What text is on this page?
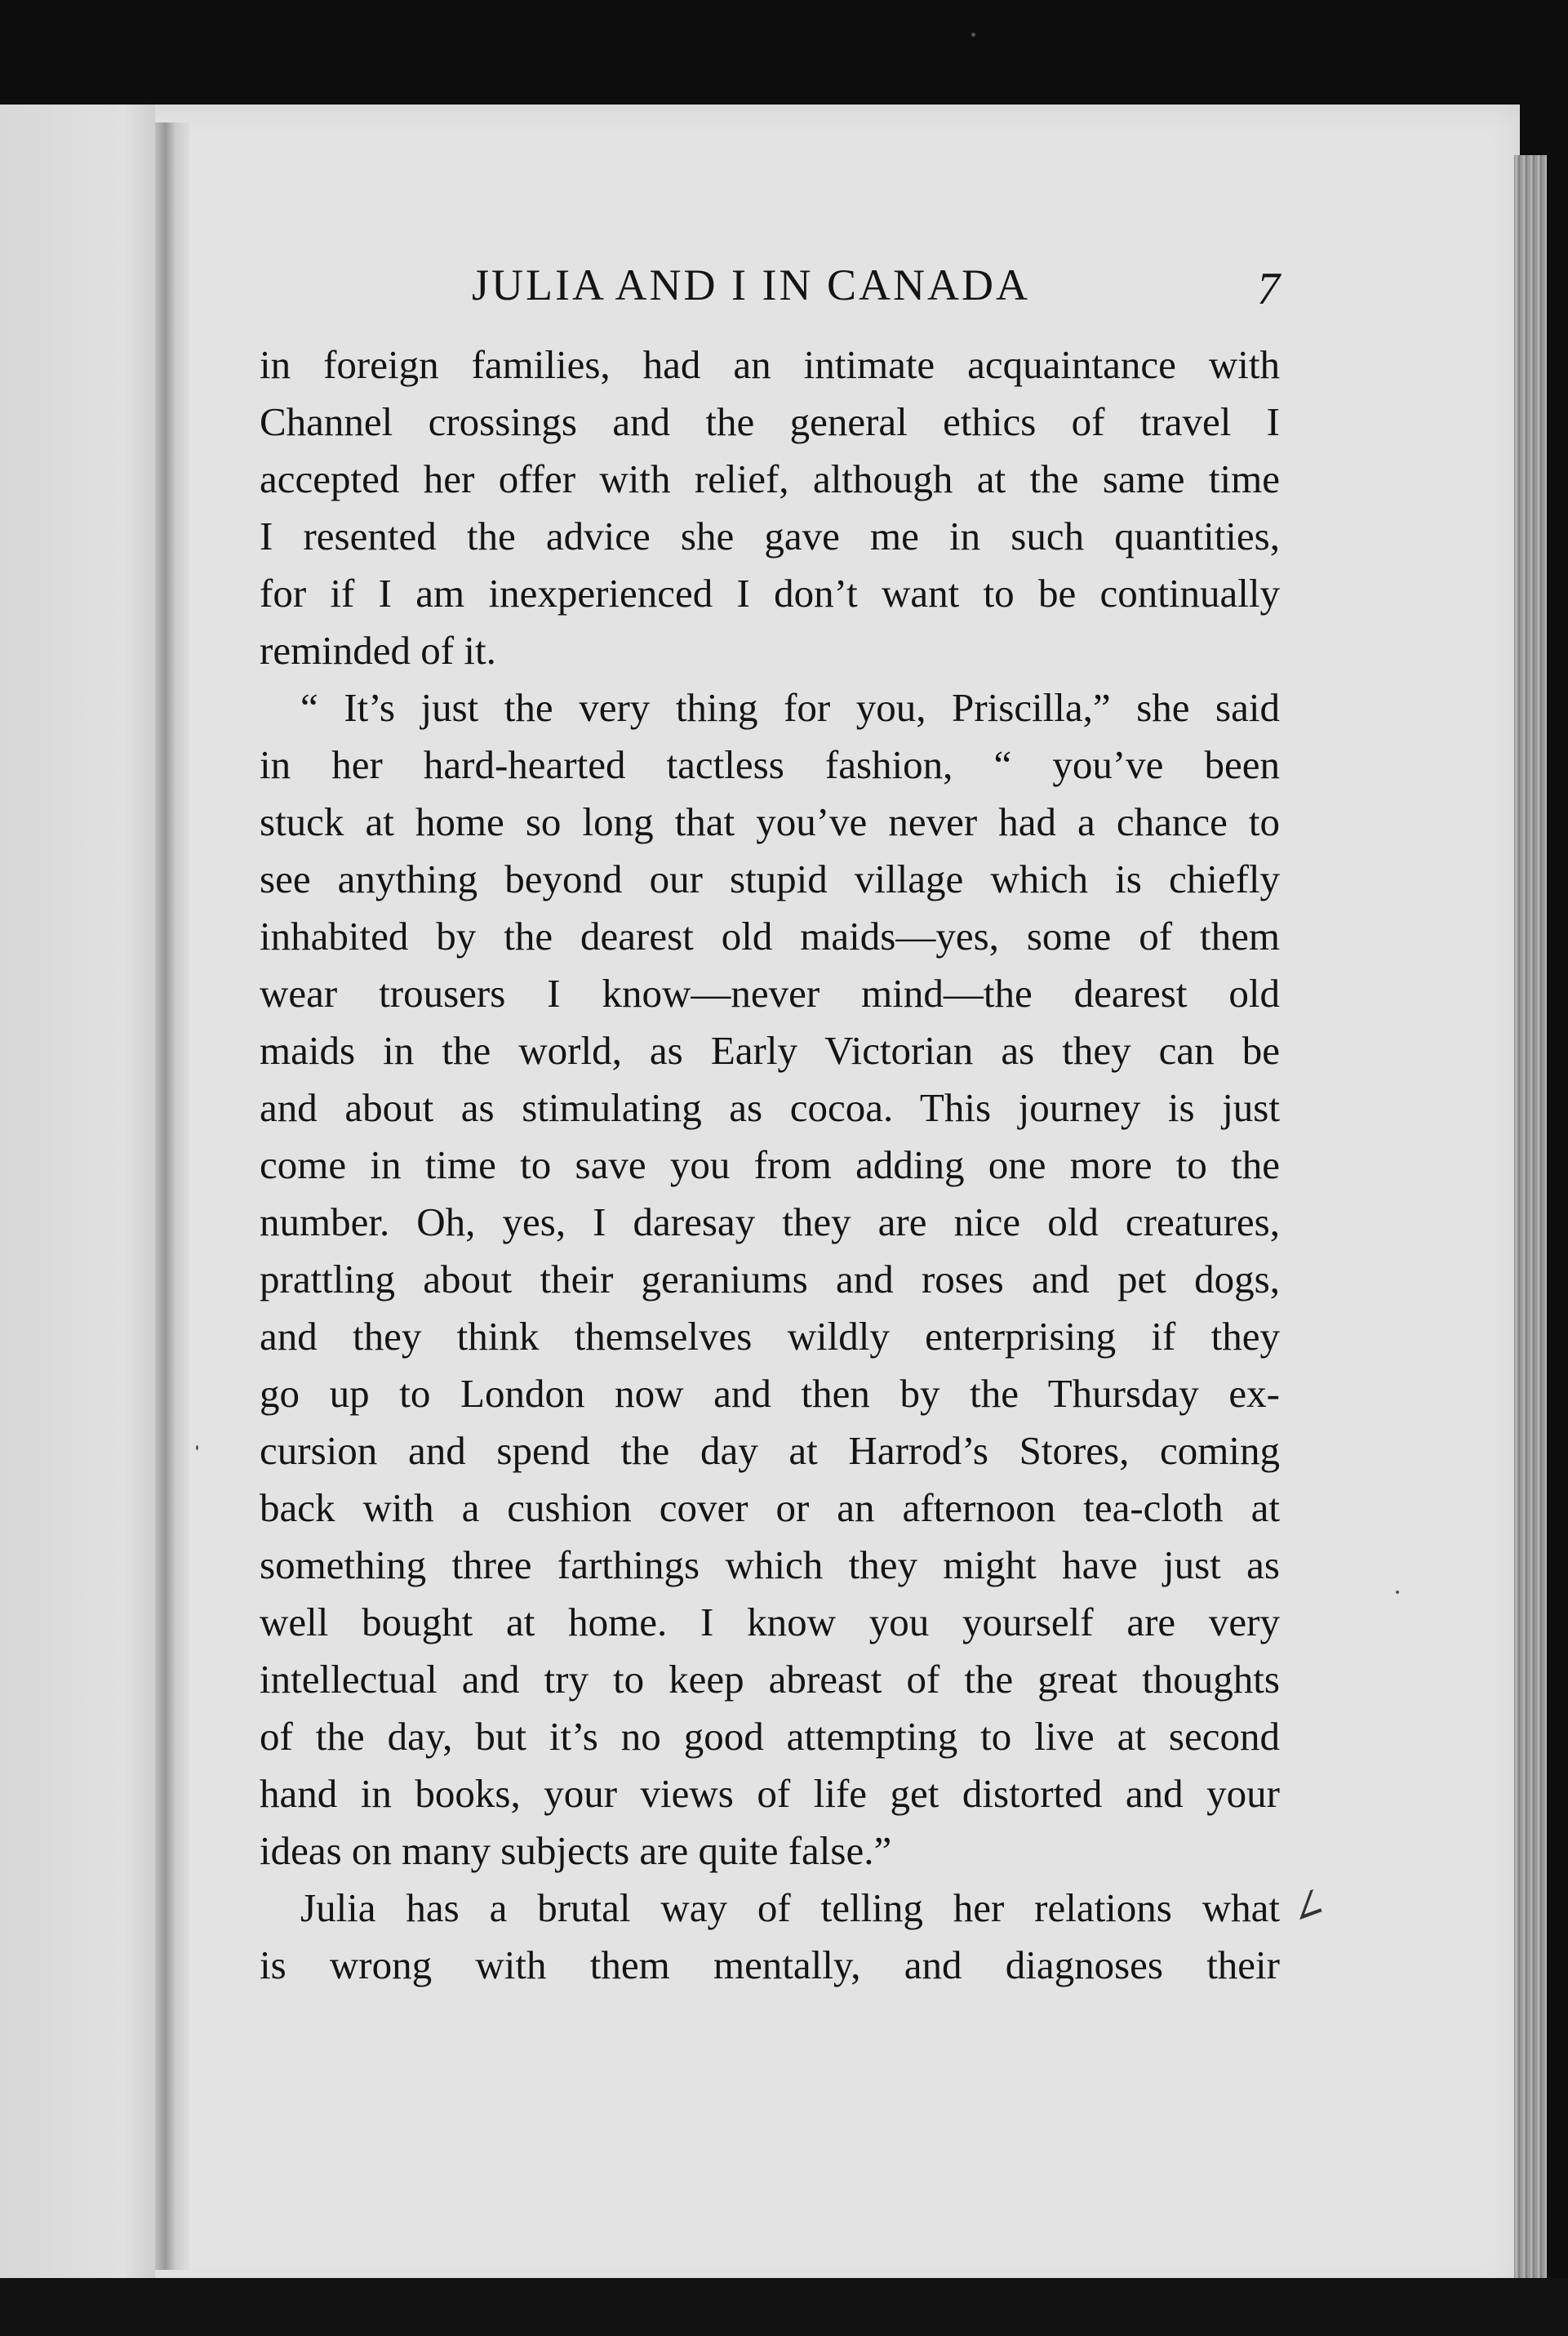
JULIA AND I IN CANADA	7
in foreign families, had an intimate acquaintance with
Channel crossings and the general ethics of travel I
accepted her offer with relief, although at the same time
I resented the advice she gave me in such quantities,
for if I am inexperienced I don’t want to be continually
reminded of it.
“ It’s just the very thing for you, Priscilla,” she said
in her hard-hearted tactless fashion, “ you’ve been
stuck at home so long that you’ve never had a chance to
see anything beyond our stupid village which is chiefly
inhabited by the dearest old maids—yes, some of them
wear trousers I know—never mind—the dearest old
maids in the world, as Early Victorian as they can be
and about as stimulating as cocoa. This journey is just
come in time to save you from adding one more to the
number. Oh, yes, I daresay they are nice old creatures,
prattling about their geraniums and roses and pet dogs,
and they think themselves wildly enterprising if they
go up to London now and then by the Thursday ex-
cursion and spend the day at Harrod’s Stores, coming
back with a cushion cover or an afternoon tea-cloth at
something three farthings which they might have just as
well bought at home. I know you yourself are very
intellectual and try to keep abreast of the great thoughts
of the day, but it’s no good attempting to live at second
hand in books, your views of life get distorted and your
ideas on many subjects are quite false.”
Julia has a brutal way of telling her relations what
is wrong with them mentally, and diagnoses their
∠
